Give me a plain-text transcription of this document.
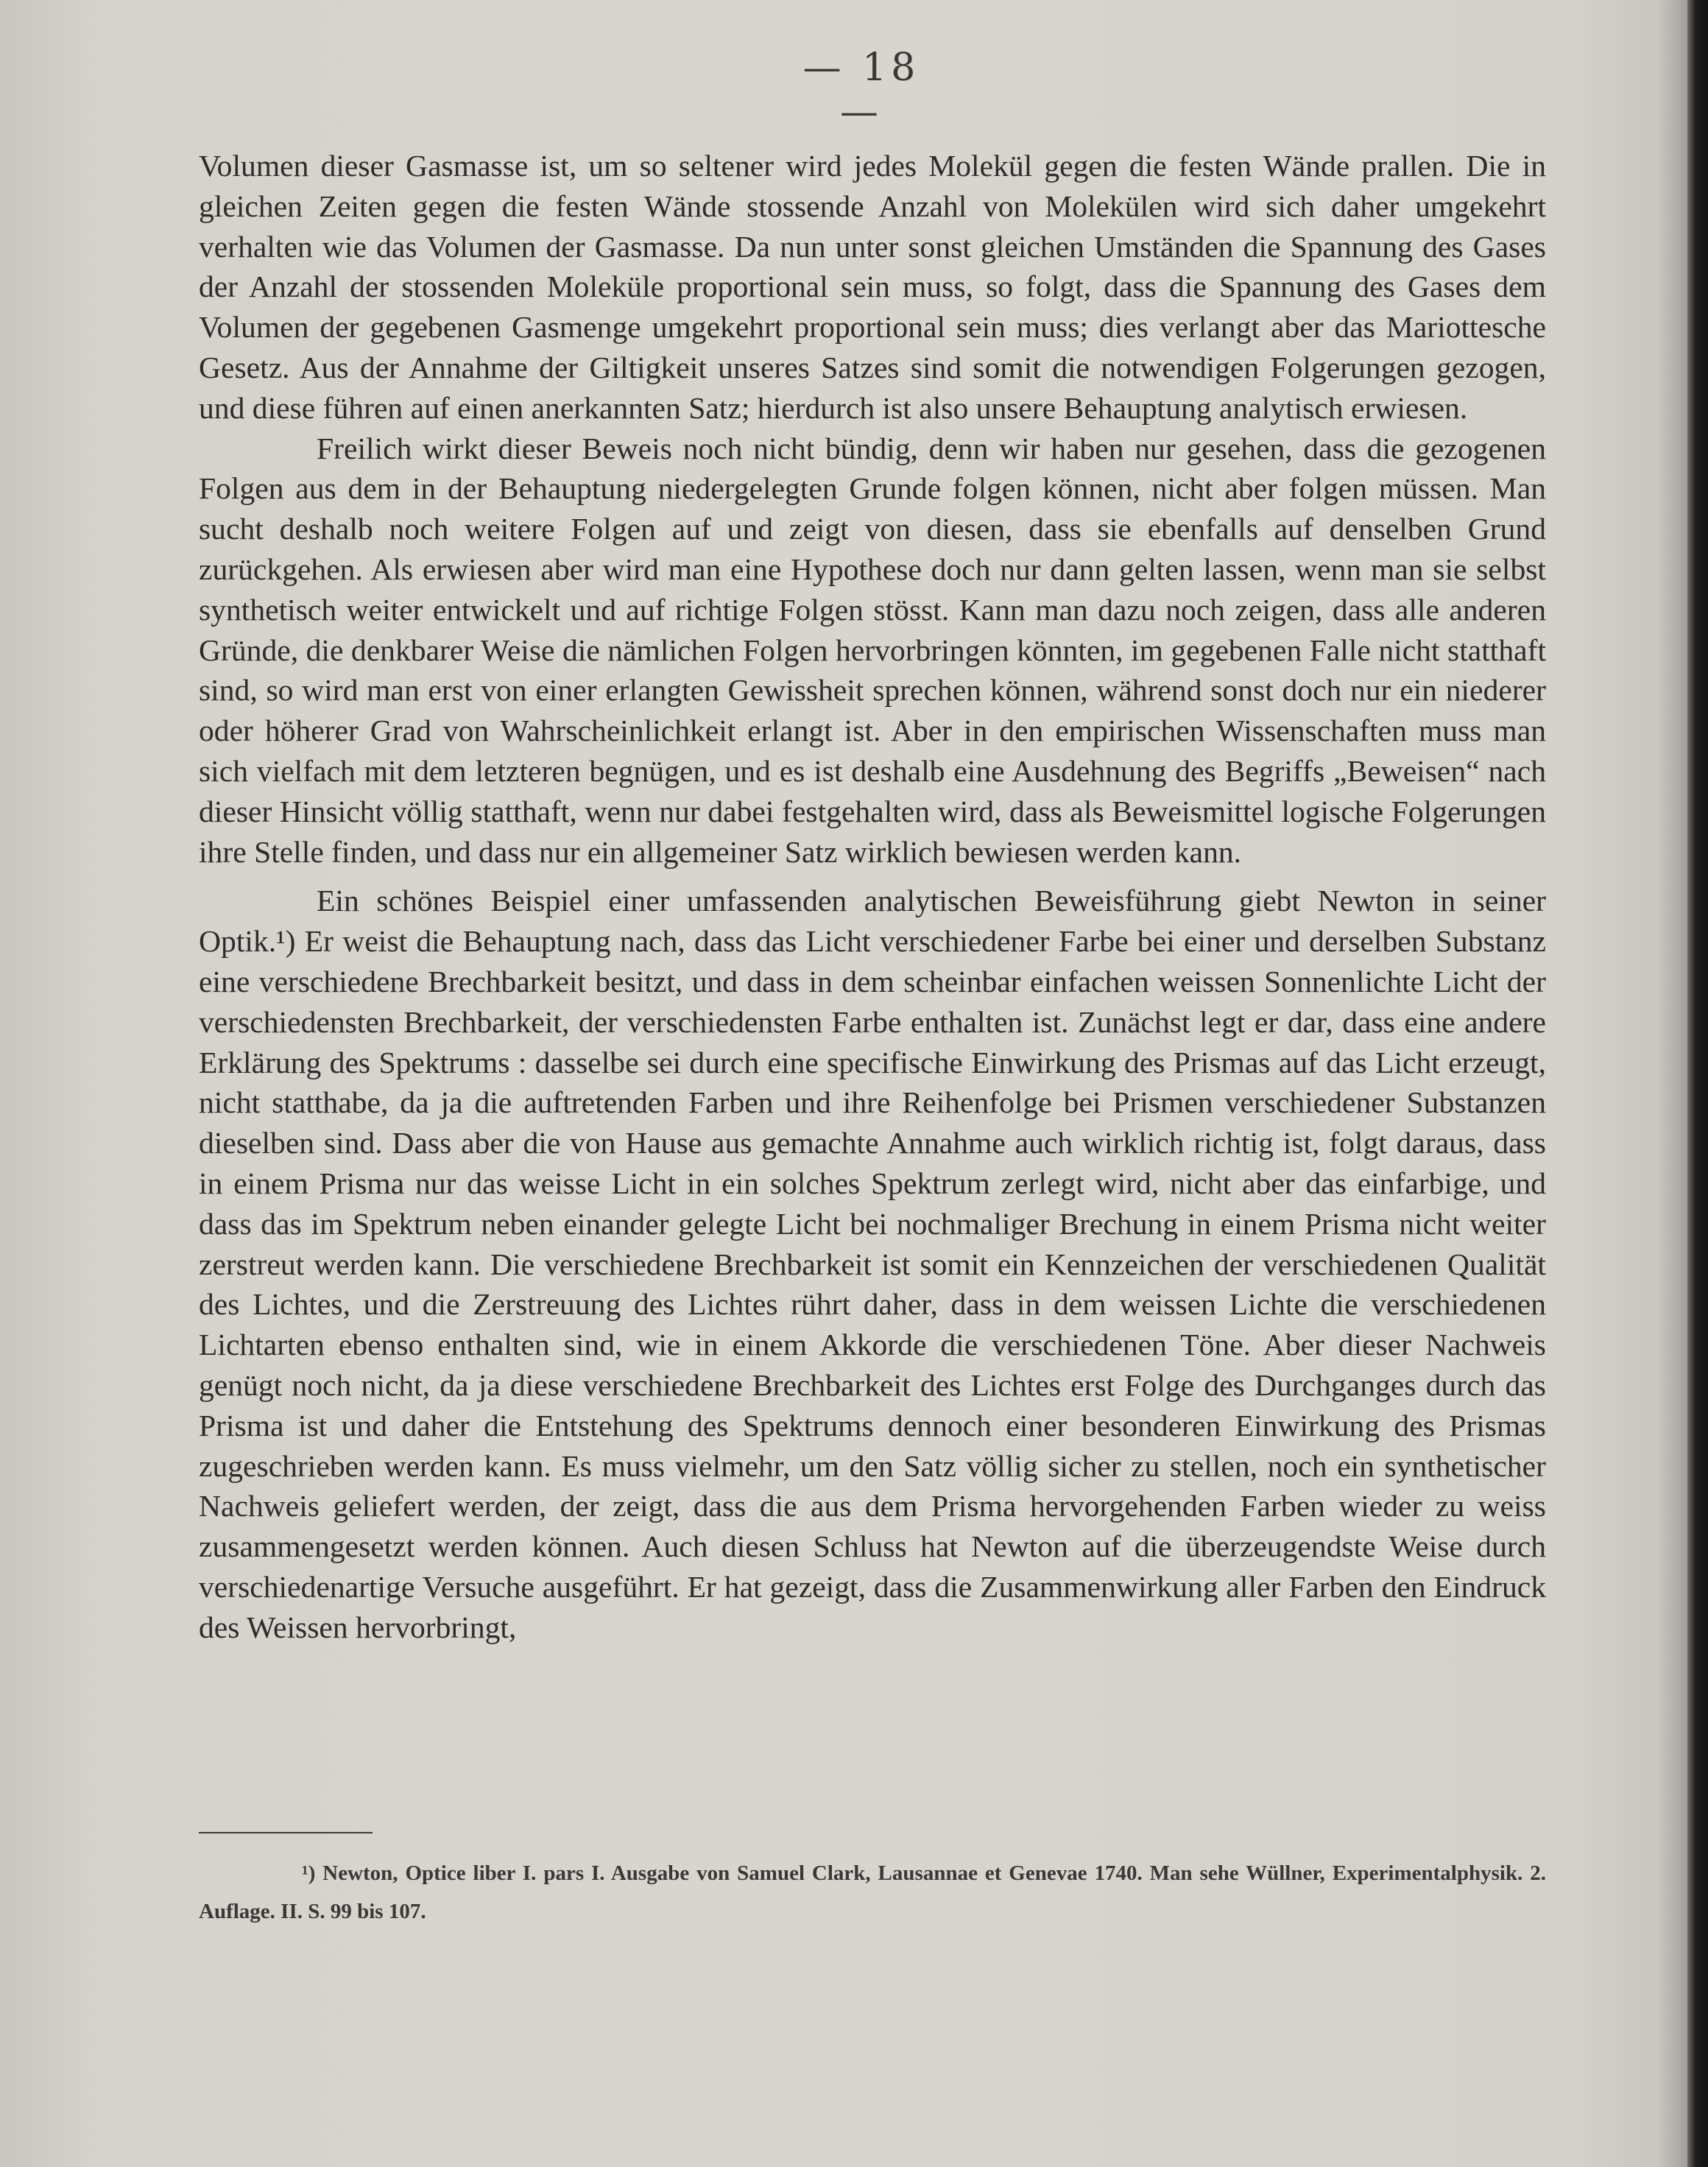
— 18 —

Volumen dieser Gasmasse ist, um so seltener wird jedes Molekül gegen die festen Wände prallen. Die in gleichen Zeiten gegen die festen Wände stossende Anzahl von Molekülen wird sich daher umgekehrt verhalten wie das Volumen der Gasmasse. Da nun unter sonst gleichen Umständen die Spannung des Gases der Anzahl der stossenden Moleküle proportional sein muss, so folgt, dass die Spannung des Gases dem Volumen der gegebenen Gasmenge umgekehrt proportional sein muss; dies verlangt aber das Mariottesche Gesetz. Aus der Annahme der Giltigkeit unseres Satzes sind somit die notwendigen Folgerungen gezogen, und diese führen auf einen anerkannten Satz; hierdurch ist also unsere Behauptung analytisch erwiesen.

Freilich wirkt dieser Beweis noch nicht bündig, denn wir haben nur gesehen, dass die gezogenen Folgen aus dem in der Behauptung niedergelegten Grunde folgen können, nicht aber folgen müssen. Man sucht deshalb noch weitere Folgen auf und zeigt von diesen, dass sie ebenfalls auf denselben Grund zurückgehen. Als erwiesen aber wird man eine Hypothese doch nur dann gelten lassen, wenn man sie selbst synthetisch weiter entwickelt und auf richtige Folgen stösst. Kann man dazu noch zeigen, dass alle anderen Gründe, die denkbarer Weise die nämlichen Folgen hervorbringen könnten, im gegebenen Falle nicht statthaft sind, so wird man erst von einer erlangten Gewissheit sprechen können, während sonst doch nur ein niederer oder höherer Grad von Wahrscheinlichkeit erlangt ist. Aber in den empirischen Wissenschaften muss man sich vielfach mit dem letzteren begnügen, und es ist deshalb eine Ausdehnung des Begriffs „Beweisen“ nach dieser Hinsicht völlig statthaft, wenn nur dabei festgehalten wird, dass als Beweismittel logische Folgerungen ihre Stelle finden, und dass nur ein allgemeiner Satz wirklich bewiesen werden kann.

Ein schönes Beispiel einer umfassenden analytischen Beweisführung giebt Newton in seiner Optik.¹) Er weist die Behauptung nach, dass das Licht verschiedener Farbe bei einer und derselben Substanz eine verschiedene Brechbarkeit besitzt, und dass in dem scheinbar einfachen weissen Sonnenlichte Licht der verschiedensten Brechbarkeit, der verschiedensten Farbe enthalten ist. Zunächst legt er dar, dass eine andere Erklärung des Spektrums : dasselbe sei durch eine specifische Einwirkung des Prismas auf das Licht erzeugt, nicht statthabe, da ja die auftretenden Farben und ihre Reihenfolge bei Prismen verschiedener Substanzen dieselben sind. Dass aber die von Hause aus gemachte Annahme auch wirklich richtig ist, folgt daraus, dass in einem Prisma nur das weisse Licht in ein solches Spektrum zerlegt wird, nicht aber das einfarbige, und dass das im Spektrum neben einander gelegte Licht bei nochmaliger Brechung in einem Prisma nicht weiter zerstreut werden kann. Die verschiedene Brechbarkeit ist somit ein Kennzeichen der verschiedenen Qualität des Lichtes, und die Zerstreuung des Lichtes rührt daher, dass in dem weissen Lichte die verschiedenen Lichtarten ebenso enthalten sind, wie in einem Akkorde die verschiedenen Töne. Aber dieser Nachweis genügt noch nicht, da ja diese verschiedene Brechbarkeit des Lichtes erst Folge des Durchganges durch das Prisma ist und daher die Entstehung des Spektrums dennoch einer besonderen Einwirkung des Prismas zugeschrieben werden kann. Es muss vielmehr, um den Satz völlig sicher zu stellen, noch ein synthetischer Nachweis geliefert werden, der zeigt, dass die aus dem Prisma hervorgehenden Farben wieder zu weiss zusammengesetzt werden können. Auch diesen Schluss hat Newton auf die überzeugendste Weise durch verschiedenartige Versuche ausgeführt. Er hat gezeigt, dass die Zusammenwirkung aller Farben den Eindruck des Weissen hervorbringt,

¹) Newton, Optice liber I. pars I. Ausgabe von Samuel Clark, Lausannae et Genevae 1740. Man sehe Wüllner, Experimentalphysik. 2. Auflage. II. S. 99 bis 107.
